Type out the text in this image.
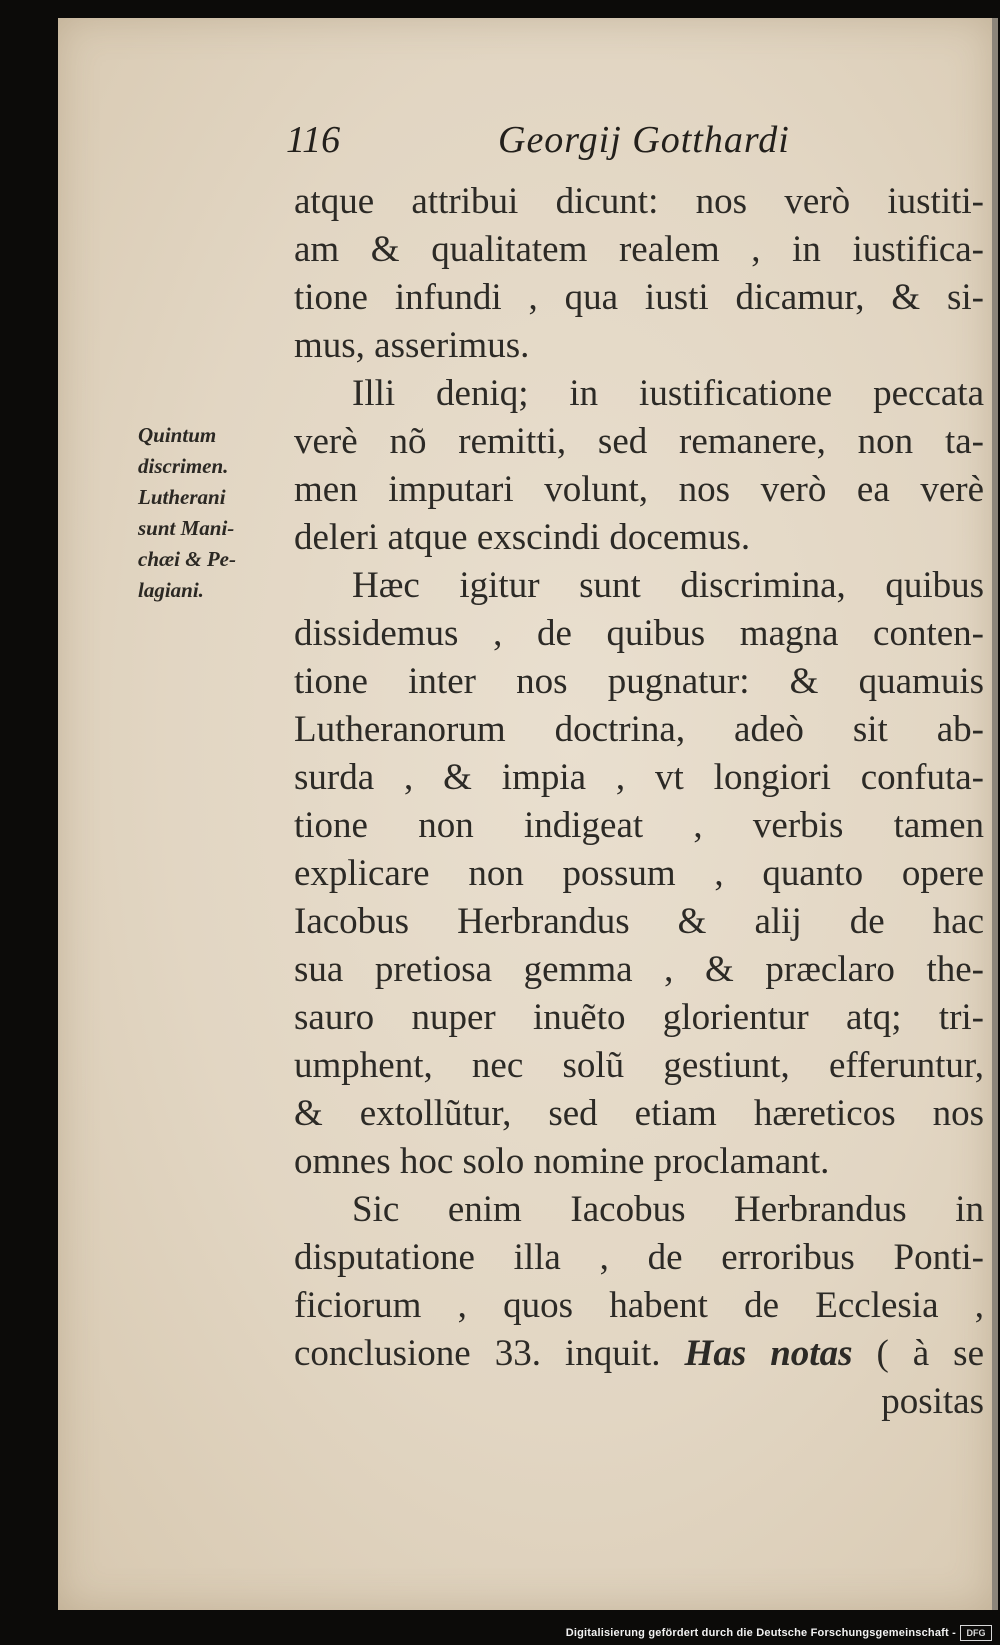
116	Georgij Gotthardi
Quintum
discrimen.
Lutherani
sunt Mani-
chæi & Pe-
lagiani.
atque attribui dicunt: nos verò iustiti-
am & qualitatem realem , in iustifica-
tione infundi , qua iusti dicamur, & si-
mus, asserimus.
Illi deniq; in iustificatione peccata
verè nõ remitti, sed remanere, non ta-
men imputari volunt, nos verò ea verè
deleri atque exscindi docemus.
Hæc igitur sunt discrimina, quibus
dissidemus , de quibus magna conten-
tione inter nos pugnatur: & quamuis
Lutheranorum doctrina, adeò sit ab-
surda , & impia , vt longiori confuta-
tione non indigeat , verbis tamen
explicare non possum , quanto opere
Iacobus Herbrandus & alij de hac
sua pretiosa gemma , & præclaro the-
sauro nuper inuẽto glorientur atq; tri-
umphent, nec solũ gestiunt, efferuntur,
& extollũtur, sed etiam hæreticos nos
omnes hoc solo nomine proclamant.
Sic enim Iacobus Herbrandus in
disputatione illa , de erroribus Ponti-
ficiorum , quos habent de Ecclesia ,
conclusione 33. inquit. Has notas ( à se
positas
Digitalisierung gefördert durch die Deutsche Forschungsgemeinschaft -	DFG
